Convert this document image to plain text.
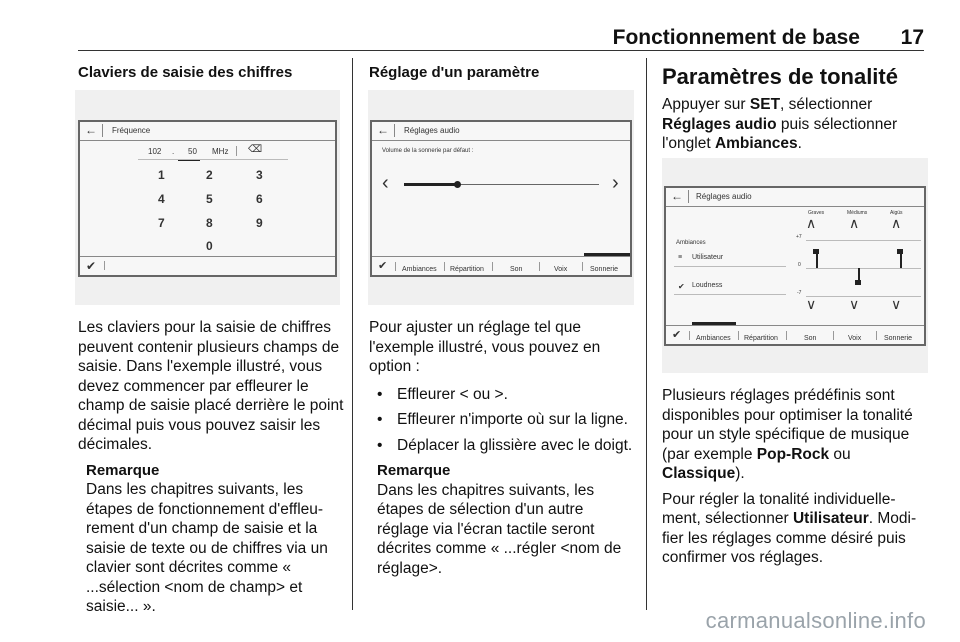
Fonctionnement de base 17
Claviers de saisie des chiffres
← Fréquence
102 . 50 MHz ⌫
1	2	3
4	5	6
7	8	9
0
✔

Les claviers pour la saisie de chiffres peuvent contenir plusieurs champs de saisie. Dans l'exemple illustré, vous devez commencer par effleurer le champ de saisie placé derrière le point décimal puis vous pouvez saisir les décimales.

Remarque

Dans les chapitres suivants, les étapes de fonctionnement d'effleu-rement d'un champ de saisie et la saisie de texte ou de chiffres via un clavier sont décrites comme « ...sélection <nom de champ> et saisie... ».

Réglage d'un paramètre
← Réglages audio
Volume de la sonnerie par défaut :
‹	›
✔ Ambiances Répartition	Son	Voix	Sonnerie

Pour ajuster un réglage tel que l'exemple illustré, vous pouvez en option :

• Effleurer < ou >.
• Effleurer n'importe où sur la ligne.
• Déplacer la glissière avec le doigt.

Remarque

Dans les chapitres suivants, les étapes de sélection d'un autre réglage via l'écran tactile seront décrites comme « ...régler <nom de réglage>.

Paramètres de tonalité

Appuyer sur SET, sélectionner
Réglages audio puis sélectionner l'onglet Ambiances.

← Réglages audio
Graves	Médiums	Aigüs
∧ ∧ ∧
+7
0
-7
∨ ∨ ∨
Ambiances
≡ Utilisateur
✔ Loudness
✔ Ambiances Répartition	Son	Voix	Sonnerie

Plusieurs réglages prédéfinis sont disponibles pour optimiser la tonalité pour un style spécifique de musique (par exemple Pop-Rock ou
Classique).

Pour régler la tonalité individuelle-ment, sélectionner Utilisateur. Modi-fier les réglages comme désiré puis confirmer vos réglages.

carmanualsonline.info
